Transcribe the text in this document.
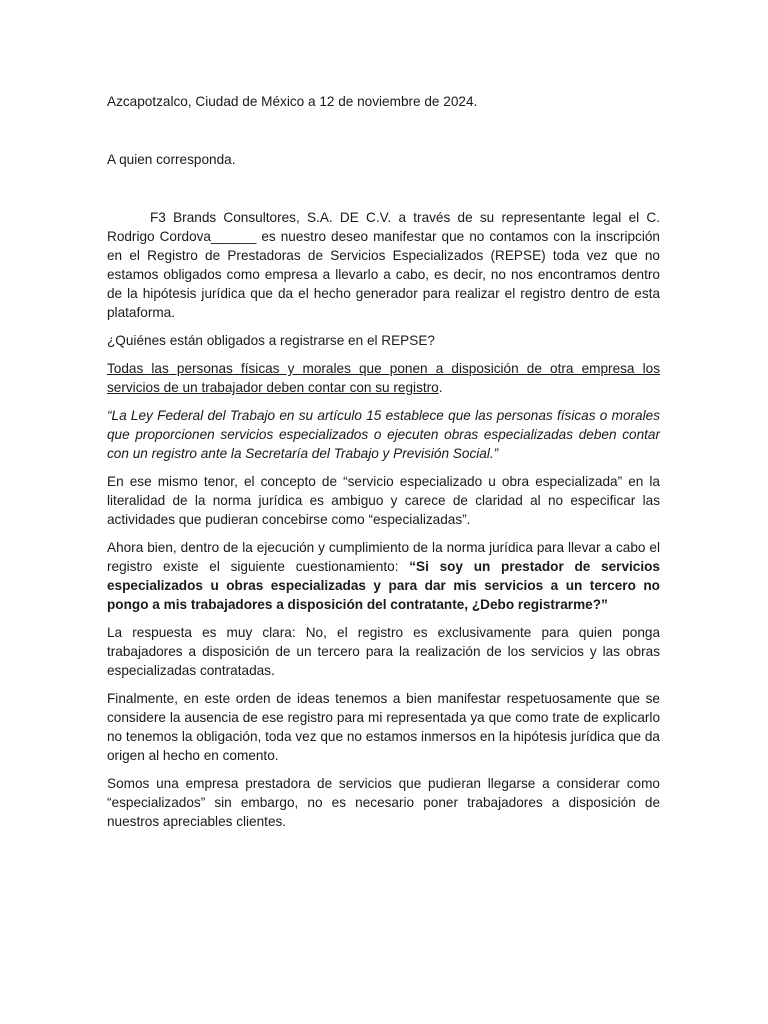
Azcapotzalco, Ciudad de México a 12 de noviembre de 2024.

A quien corresponda.

F3 Brands Consultores, S.A. DE C.V. a través de su representante legal el C. Rodrigo Cordova______ es nuestro deseo manifestar que no contamos con la inscripción en el Registro de Prestadoras de Servicios Especializados (REPSE) toda vez que no estamos obligados como empresa a llevarlo a cabo, es decir, no nos encontramos dentro de la hipótesis jurídica que da el hecho generador para realizar el registro dentro de esta plataforma.

¿Quiénes están obligados a registrarse en el REPSE?

Todas las personas físicas y morales que ponen a disposición de otra empresa los servicios de un trabajador deben contar con su registro.

“La Ley Federal del Trabajo en su artículo 15 establece que las personas físicas o morales que proporcionen servicios especializados o ejecuten obras especializadas deben contar con un registro ante la Secretaría del Trabajo y Previsión Social.”

En ese mismo tenor, el concepto de “servicio especializado u obra especializada” en la literalidad de la norma jurídica es ambiguo y carece de claridad al no especificar las actividades que pudieran concebirse como “especializadas”.

Ahora bien, dentro de la ejecución y cumplimiento de la norma jurídica para llevar a cabo el registro existe el siguiente cuestionamiento: “Si soy un prestador de servicios especializados u obras especializadas y para dar mis servicios a un tercero no pongo a mis trabajadores a disposición del contratante, ¿Debo registrarme?”

La respuesta es muy clara: No, el registro es exclusivamente para quien ponga trabajadores a disposición de un tercero para la realización de los servicios y las obras especializadas contratadas.

Finalmente, en este orden de ideas tenemos a bien manifestar respetuosamente que se considere la ausencia de ese registro para mi representada ya que como trate de explicarlo no tenemos la obligación, toda vez que no estamos inmersos en la hipótesis jurídica que da origen al hecho en comento.

Somos una empresa prestadora de servicios que pudieran llegarse a considerar como “especializados” sin embargo, no es necesario poner trabajadores a disposición de nuestros apreciables clientes.
